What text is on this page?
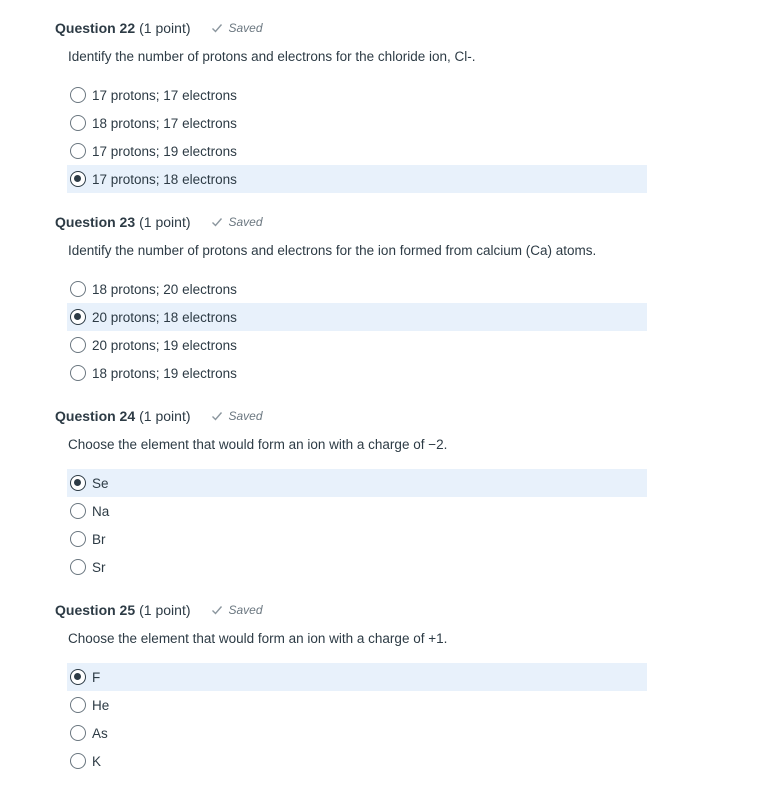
Question 22 (1 point)	Saved
Identify the number of protons and electrons for the chloride ion, Cl-.
17 protons; 17 electrons
18 protons; 17 electrons
17 protons; 19 electrons
17 protons; 18 electrons
Question 23 (1 point)	Saved
Identify the number of protons and electrons for the ion formed from calcium (Ca) atoms.
18 protons; 20 electrons
20 protons; 18 electrons
20 protons; 19 electrons
18 protons; 19 electrons
Question 24 (1 point)	Saved
Choose the element that would form an ion with a charge of −2.
Se
Na
Br
Sr
Question 25 (1 point)	Saved
Choose the element that would form an ion with a charge of +1.
F
He
As
K
